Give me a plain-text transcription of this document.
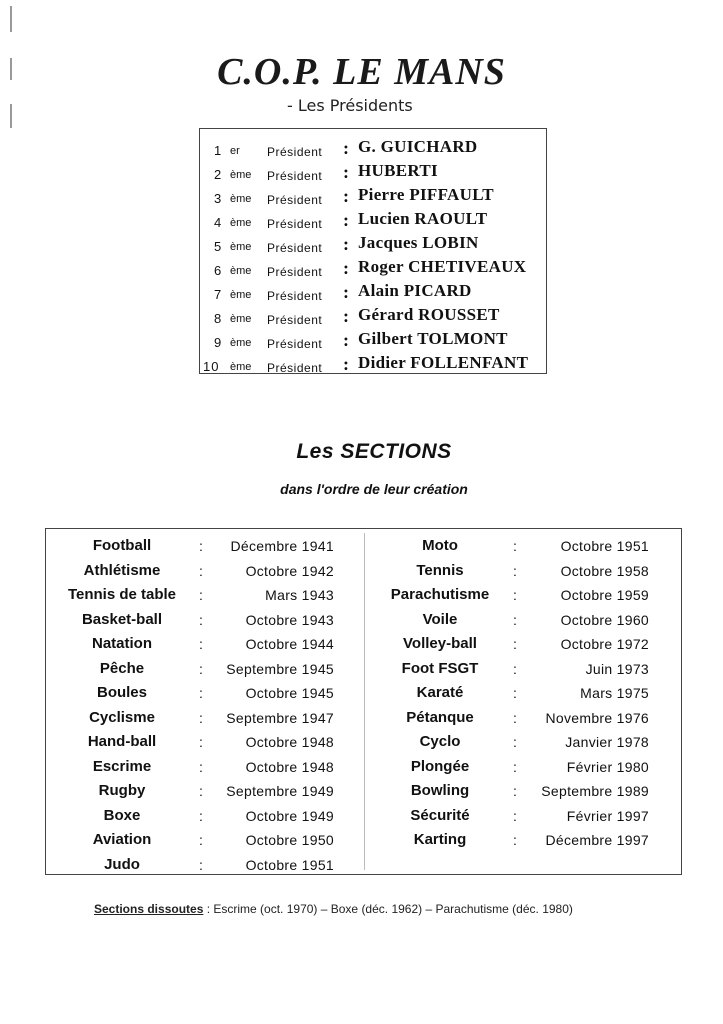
C.O.P. LE MANS
- Les Présidents
1 er Président : G. GUICHARD
2 ème Président : HUBERTI
3 ème Président : Pierre PIFFAULT
4 ème Président : Lucien RAOULT
5 ème Président : Jacques LOBIN
6 ème Président : Roger CHETIVEAUX
7 ème Président : Alain PICARD
8 ème Président : Gérard ROUSSET
9 ème Président : Gilbert TOLMONT
10 ème Président : Didier FOLLENFANT
Les SECTIONS
dans l'ordre de leur création
Football	:	Décembre 1941
Athlétisme	:	Octobre 1942
Tennis de table	:	Mars 1943
Basket-ball	:	Octobre 1943
Natation	:	Octobre 1944
Pêche	:	Septembre 1945
Boules	:	Octobre 1945
Cyclisme	:	Septembre 1947
Hand-ball	:	Octobre 1948
Escrime	:	Octobre 1948
Rugby	:	Septembre 1949
Boxe	:	Octobre 1949
Aviation	:	Octobre 1950
Judo	:	Octobre 1951
Moto	:	Octobre 1951
Tennis	:	Octobre 1958
Parachutisme	:	Octobre 1959
Voile	:	Octobre 1960
Volley-ball	:	Octobre 1972
Foot FSGT	:	Juin 1973
Karaté	:	Mars 1975
Pétanque	:	Novembre 1976
Cyclo	:	Janvier 1978
Plongée	:	Février 1980
Bowling	:	Septembre 1989
Sécurité	:	Février 1997
Karting	:	Décembre 1997
Sections dissoutes : Escrime (oct. 1970) – Boxe (déc. 1962) – Parachutisme (déc. 1980)
